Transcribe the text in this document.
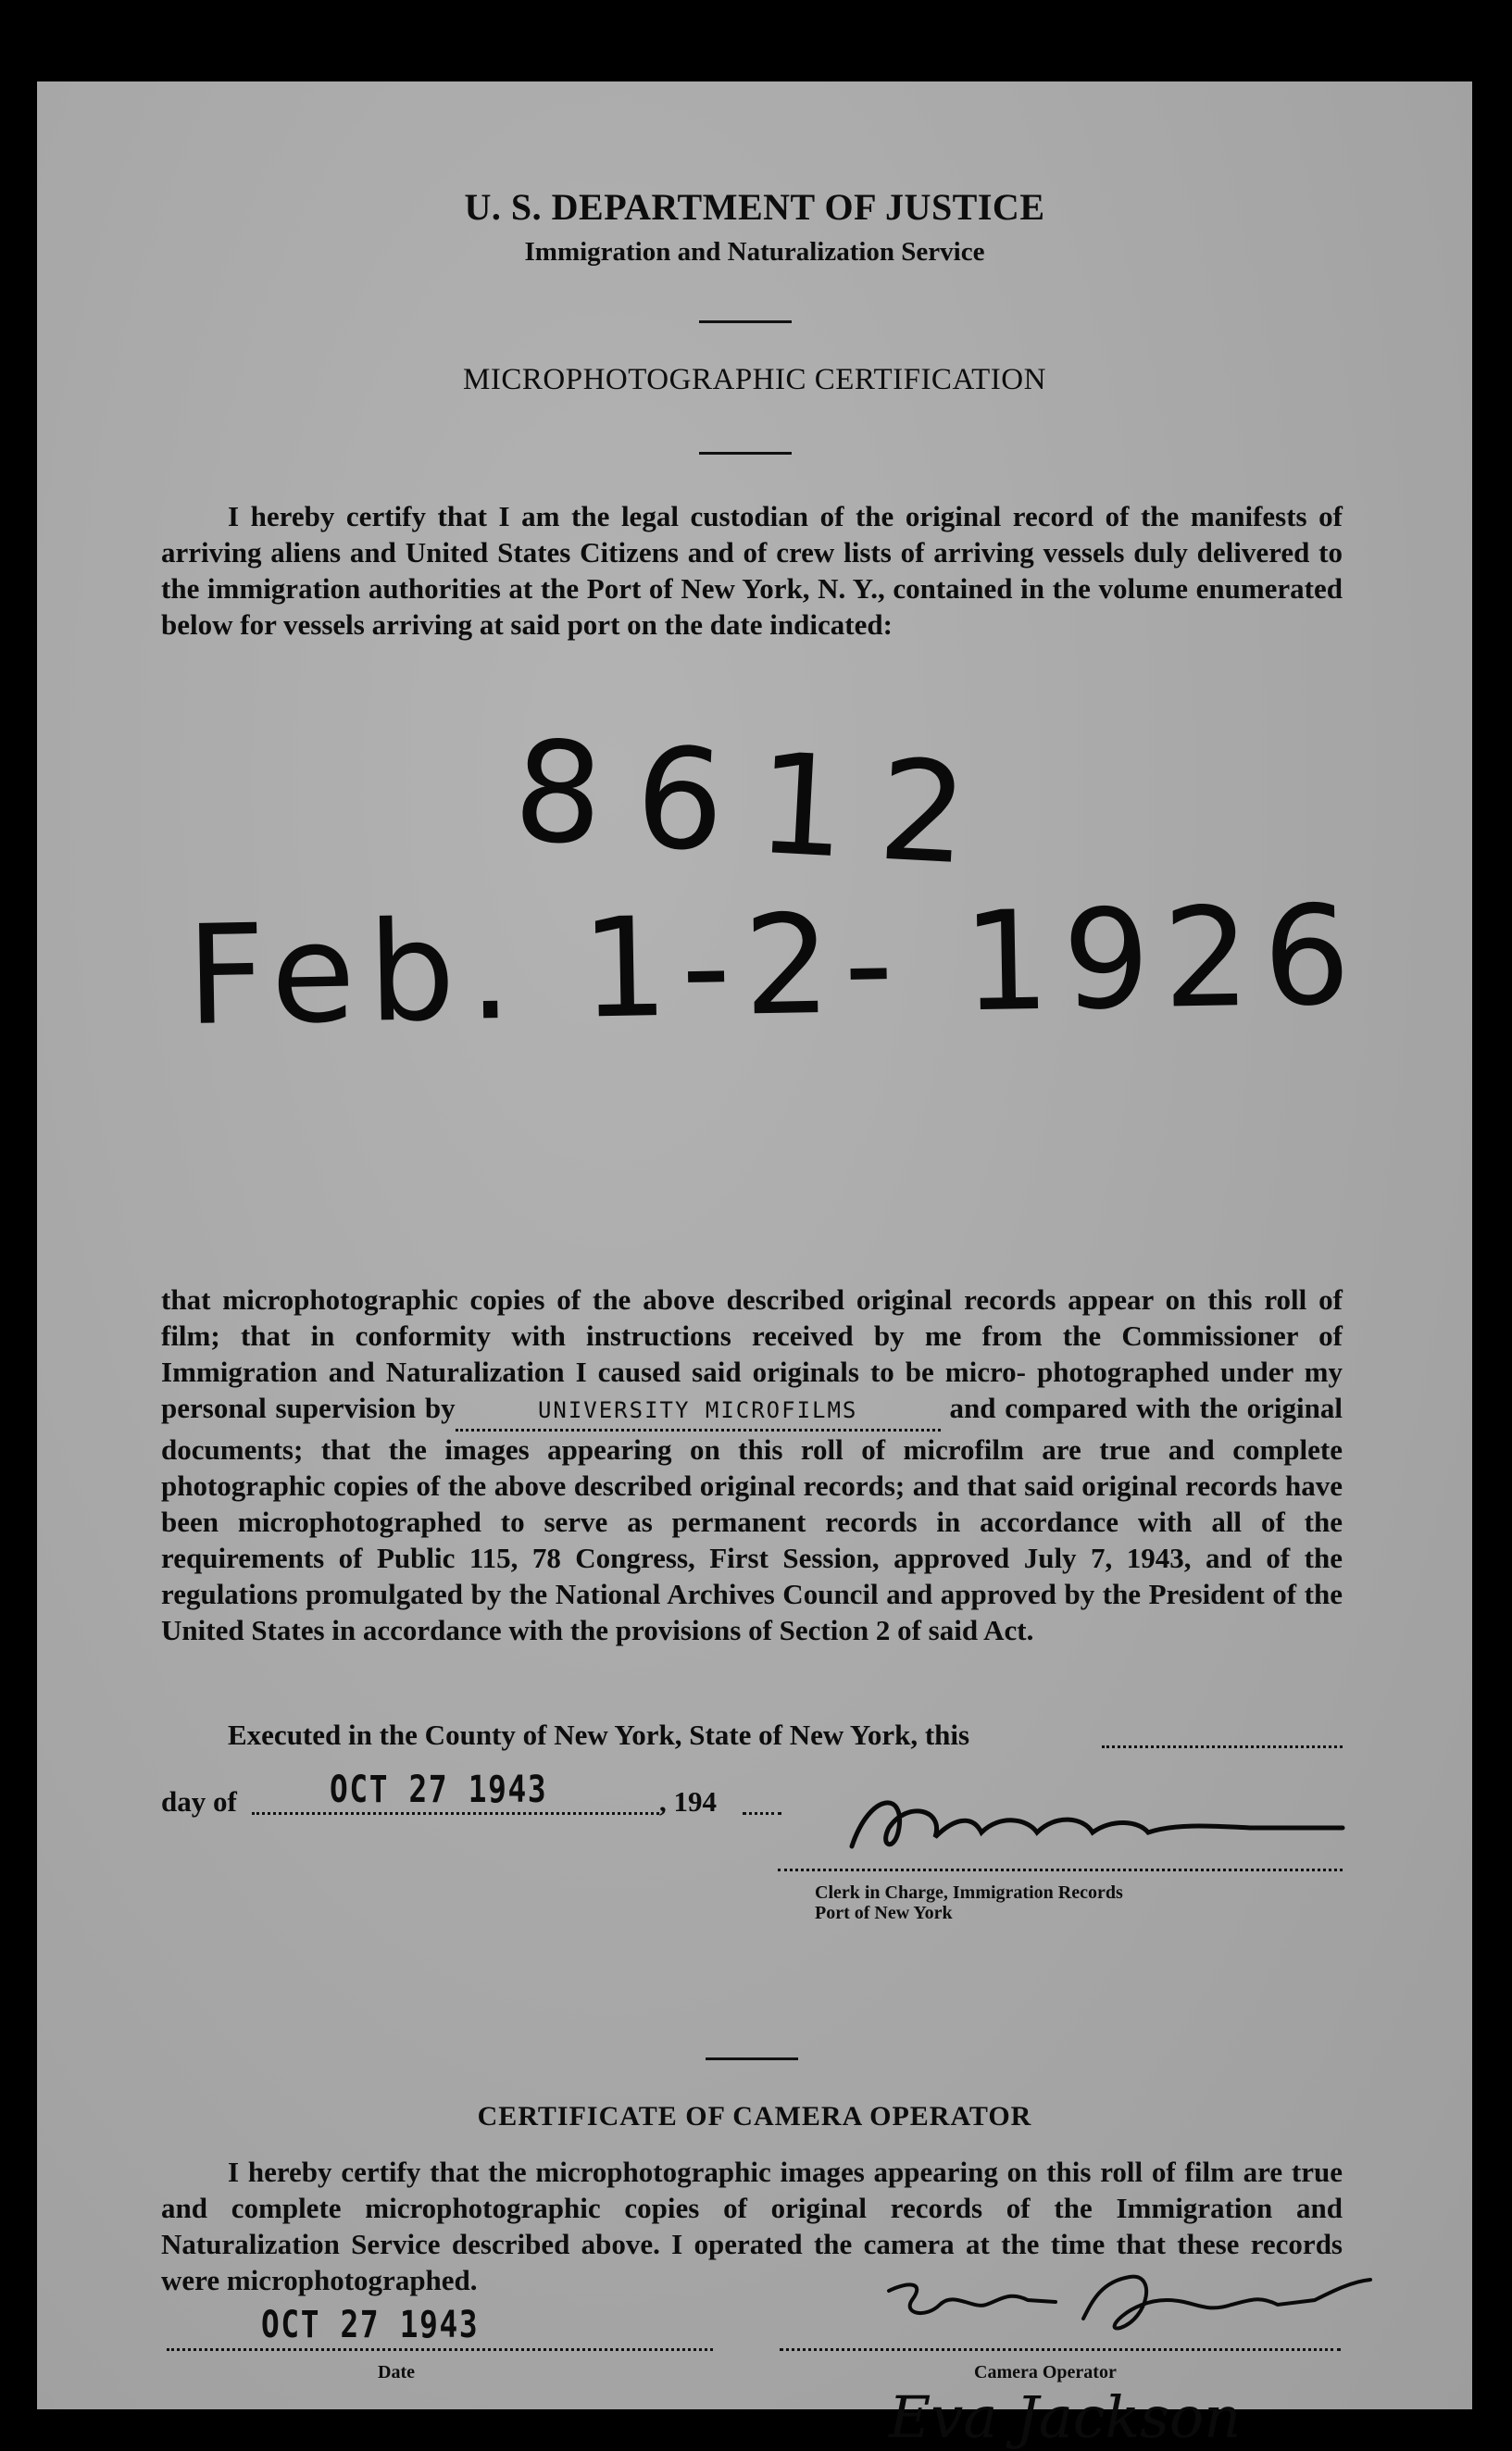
U. S. DEPARTMENT OF JUSTICE
Immigration and Naturalization Service
MICROPHOTOGRAPHIC CERTIFICATION

I hereby certify that I am the legal custodian of the original record of the manifests of arriving aliens and United States Citizens and of crew lists of arriving vessels duly delivered to the immigration authorities at the Port of New York, N. Y., contained in the volume enumerated below for vessels arriving at said port on the date indicated:

8612
Feb. 1-2- 1926

that microphotographic copies of the above described original records appear on this roll of film; that in conformity with instructions received by me from the Commissioner of Immigration and Naturalization I caused said originals to be micro- photographed under my personal supervision by	UNIVERSITY MICROFILMS	and compared with the original documents; that the images appearing on this roll of microfilm are true and complete photographic copies of the above described original records; and that said original records have been microphotographed to serve as permanent records in accordance with all of the requirements of Public 115, 78 Congress, First Session, approved July 7, 1943, and of the regulations promulgated by the National Archives Council and approved by the President of the United States in accordance with the provisions of Section 2 of said Act.

Executed in the County of New York, State of New York, this
day of	OCT 27 1943	, 194
Clerk in Charge, Immigration Records
Port of New York
CERTIFICATE OF CAMERA OPERATOR

I hereby certify that the microphotographic images appearing on this roll of film are true and complete microphotographic copies of original records of the Immigration and Naturalization Service described above. I operated the camera at the time that these records were microphotographed.

OCT 27 1943
Date	Camera Operator
Eva Jackson
